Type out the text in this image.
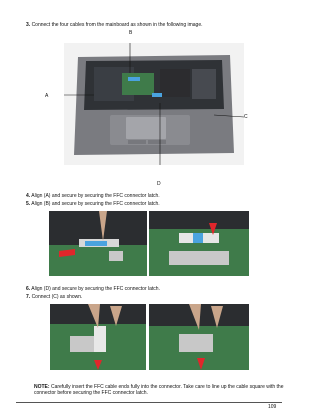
3. Connect the four cables from the mainboard as shown in the following image.
B
A
C
D
4. Align (A) and secure by securing the FFC connector latch.
5. Align (B) and secure by securing the FFC connector latch.
6. Align (D) and secure by securing the FFC connector latch.
7. Connect (C) as shown.
NOTE: Carefully insert the FFC cable ends fully into the connector. Take care to line up the cable square with the connector before securing the FFC connector latch.
109
